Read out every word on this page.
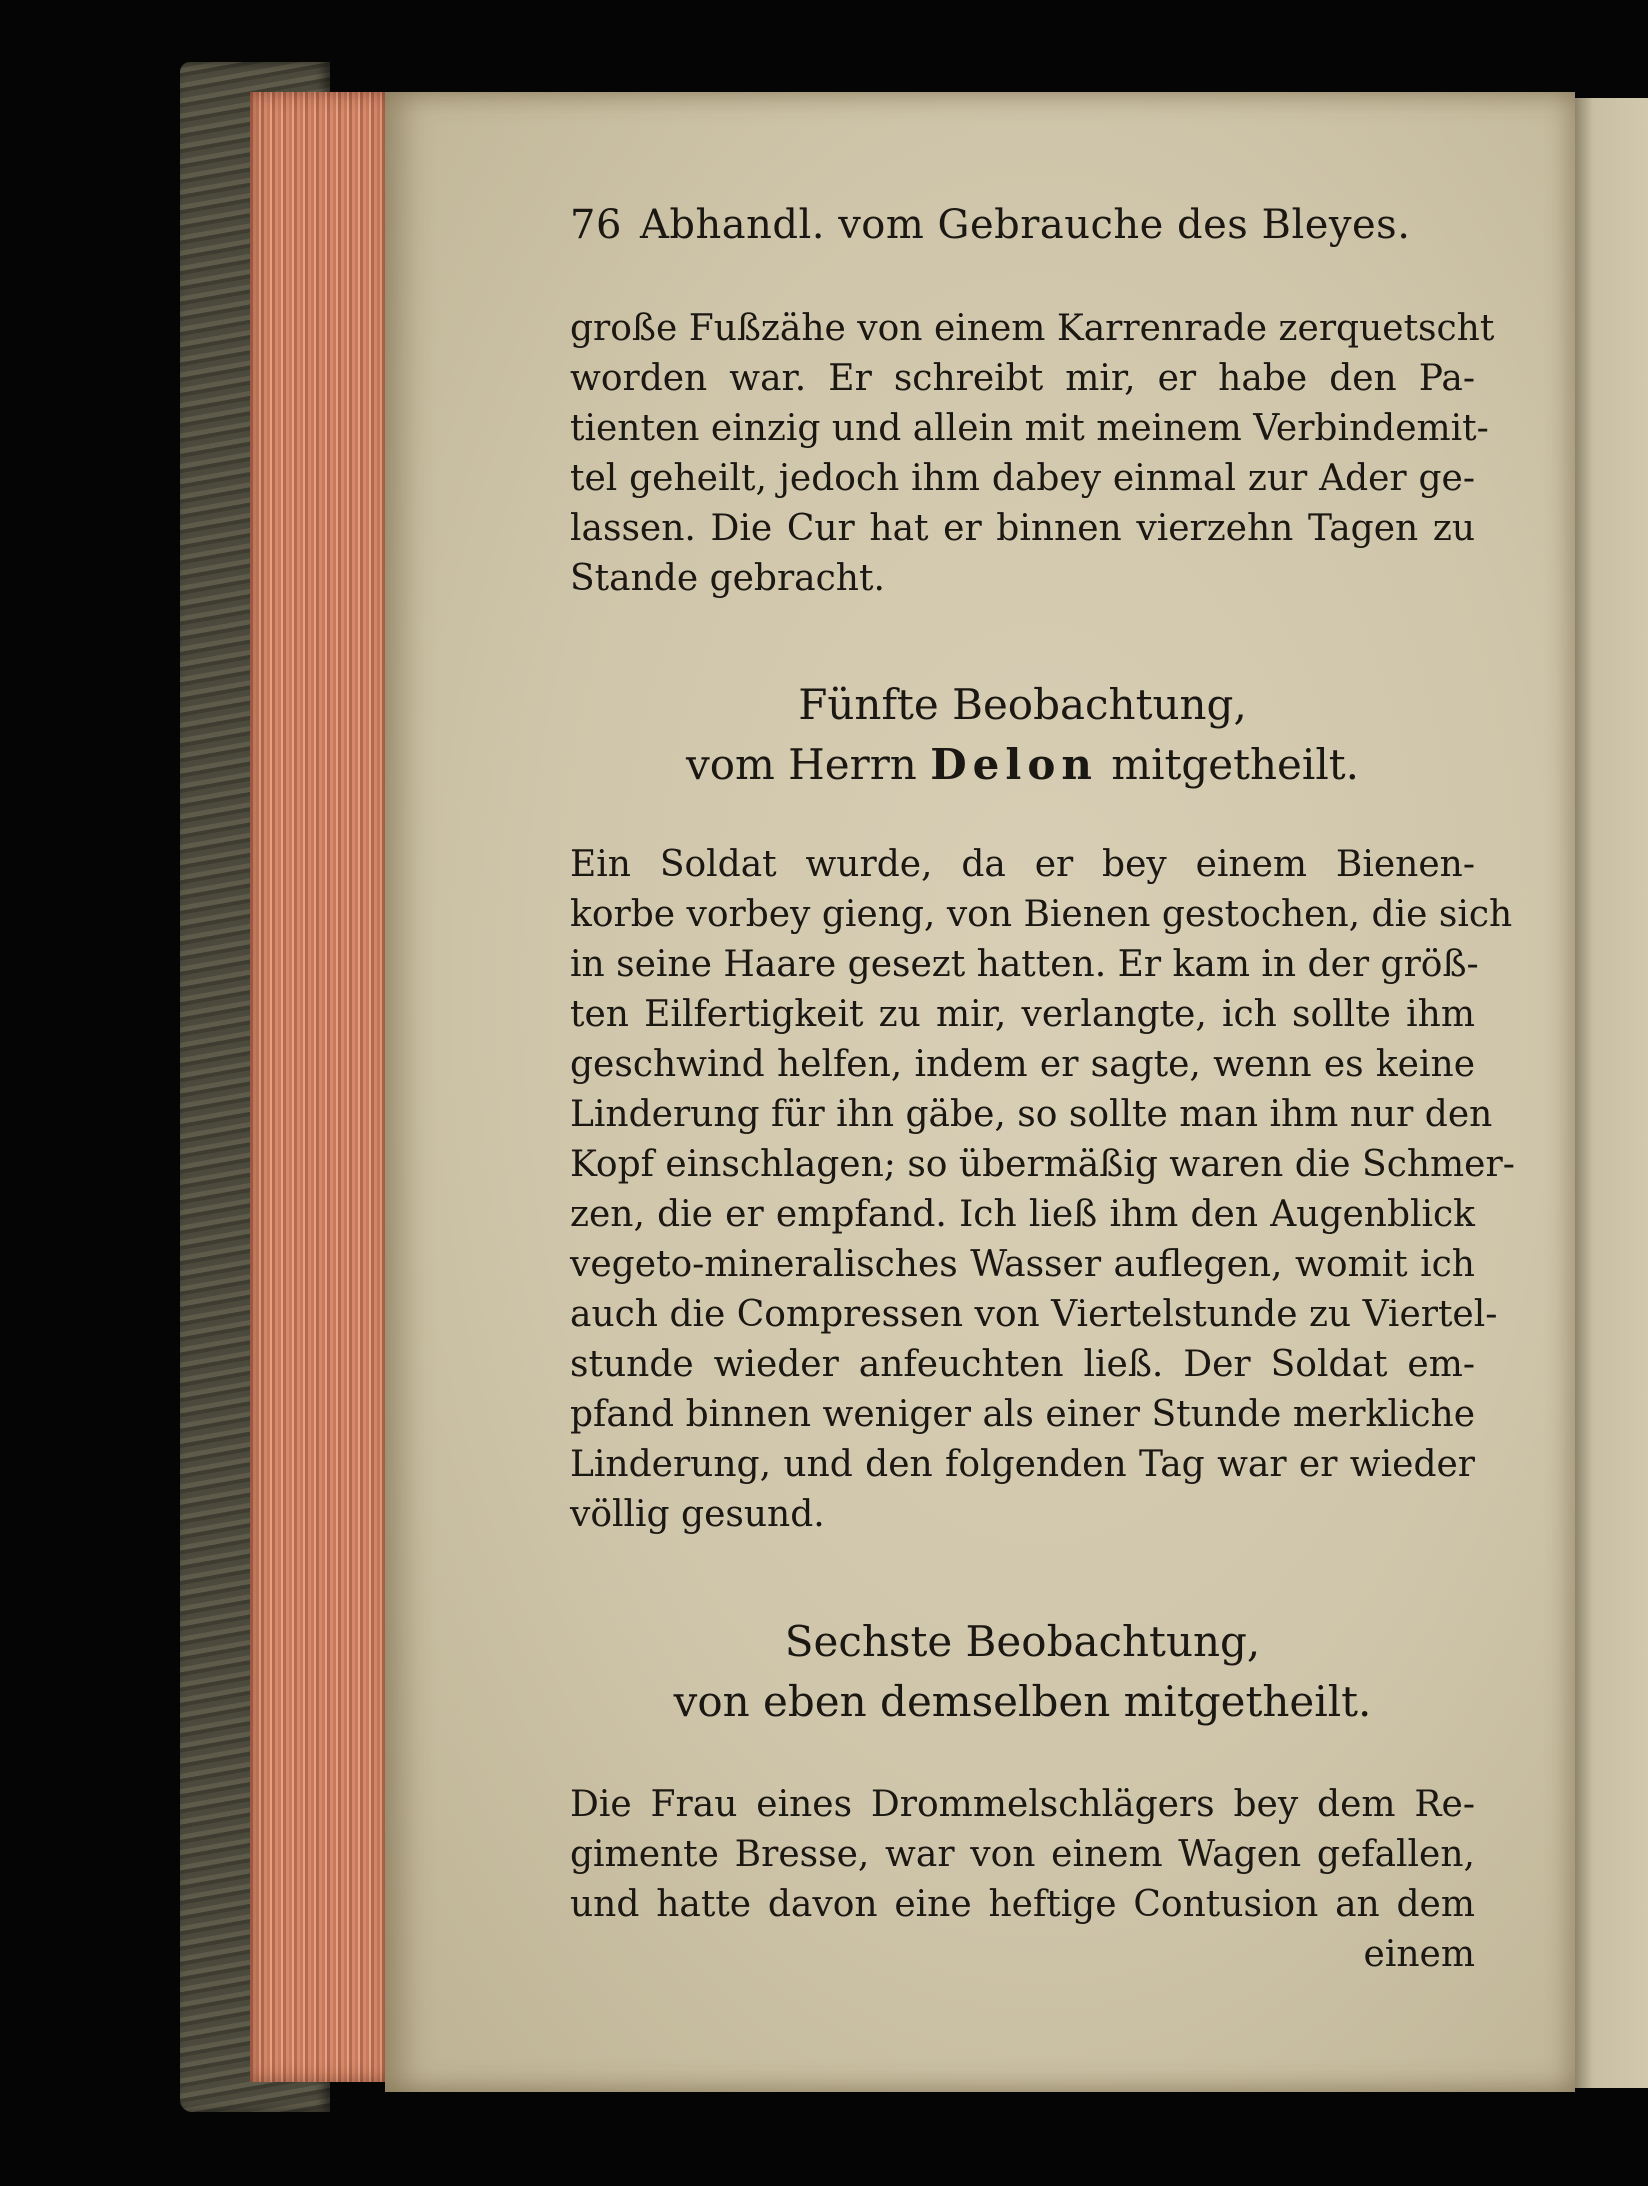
76 Abhandl. vom Gebrauche des Bleyes.
große Fußzähe von einem Karrenrade zerquetscht
worden war. Er schreibt mir, er habe den Pa-
tienten einzig und allein mit meinem Verbindemit-
tel geheilt, jedoch ihm dabey einmal zur Ader ge-
lassen. Die Cur hat er binnen vierzehn Tagen zu
Stande gebracht.
Fünfte Beobachtung,
vom Herrn Delon mitgetheilt.
Ein Soldat wurde, da er bey einem Bienen-
korbe vorbey gieng, von Bienen gestochen, die sich
in seine Haare gesezt hatten. Er kam in der größ-
ten Eilfertigkeit zu mir, verlangte, ich sollte ihm
geschwind helfen, indem er sagte, wenn es keine
Linderung für ihn gäbe, so sollte man ihm nur den
Kopf einschlagen; so übermäßig waren die Schmer-
zen, die er empfand. Ich ließ ihm den Augenblick
vegeto-mineralisches Wasser auflegen, womit ich
auch die Compressen von Viertelstunde zu Viertel-
stunde wieder anfeuchten ließ. Der Soldat em-
pfand binnen weniger als einer Stunde merkliche
Linderung, und den folgenden Tag war er wieder
völlig gesund.
Sechste Beobachtung,
von eben demselben mitgetheilt.
Die Frau eines Drommelschlägers bey dem Re-
gimente Bresse, war von einem Wagen gefallen,
und hatte davon eine heftige Contusion an dem
einem
